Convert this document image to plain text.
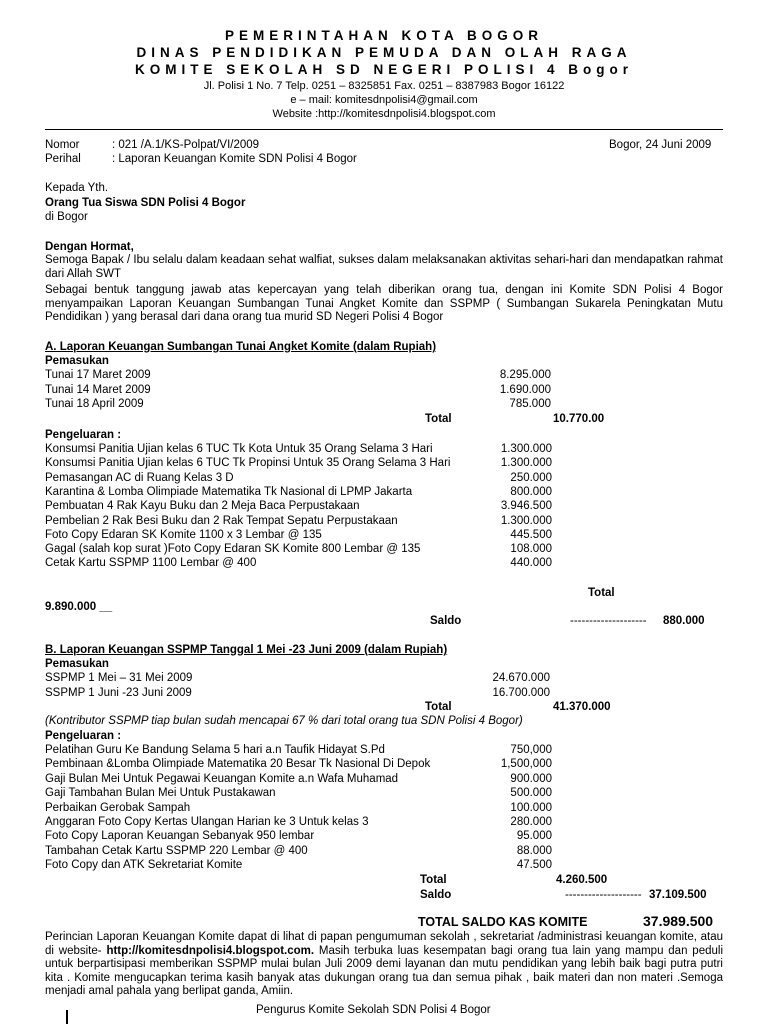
PEMERINTAHAN KOTA BOGOR
DINAS PENDIDIKAN PEMUDA DAN OLAH RAGA
KOMITE SEKOLAH SD NEGERI POLISI 4 Bogor
Jl. Polisi 1 No. 7 Telp. 0251 – 8325851 Fax. 0251 – 8387983 Bogor 16122
e – mail: komitesdnpolisi4@gmail.com
Website :http://komitesdnpolisi4.blogspot.com
Nomor	: 021 /A.1/KS-Polpat/VI/2009	Bogor, 24 Juni 2009
Perihal	: Laporan Keuangan Komite SDN Polisi 4 Bogor
Kepada Yth.
Orang Tua Siswa SDN Polisi 4 Bogor
di Bogor
Dengan Hormat,
Semoga Bapak / Ibu selalu dalam keadaan sehat walfiat, sukses dalam melaksanakan aktivitas sehari-hari dan mendapatkan rahmat dari Allah SWT
Sebagai bentuk tanggung jawab atas kepercayan yang telah diberikan orang tua, dengan ini Komite SDN Polisi 4 Bogor menyampaikan Laporan Keuangan Sumbangan Tunai Angket Komite dan SSPMP ( Sumbangan Sukarela Peningkatan Mutu Pendidikan ) yang berasal dari dana orang tua murid SD Negeri Polisi 4 Bogor
A. Laporan Keuangan Sumbangan Tunai Angket Komite (dalam Rupiah)
Pemasukan
Tunai 17 Maret 2009	8.295.000
Tunai 14 Maret 2009	1.690.000
Tunai 18 April 2009	785.000
Total	10.770.00
Pengeluaran :
Konsumsi Panitia Ujian kelas 6 TUC Tk Kota Untuk 35 Orang Selama 3 Hari	1.300.000
Konsumsi Panitia Ujian kelas 6 TUC Tk Propinsi Untuk 35 Orang Selama 3 Hari	1.300.000
Pemasangan AC di Ruang Kelas 3 D	250.000
Karantina & Lomba Olimpiade Matematika Tk Nasional di LPMP Jakarta	800.000
Pembuatan 4 Rak Kayu Buku dan 2 Meja Baca Perpustakaan	3.946.500
Pembelian 2 Rak Besi Buku dan 2 Rak Tempat Sepatu Perpustakaan	1.300.000
Foto Copy Edaran SK Komite 1100 x 3 Lembar @ 135	445.500
Gagal (salah kop surat )Foto Copy Edaran SK Komite 800 Lembar @ 135	108.000
Cetak Kartu SSPMP 1100 Lembar @ 400	440.000
Total
9.890.000 __
Saldo	-------------------- 880.000
B. Laporan Keuangan SSPMP Tanggal 1 Mei -23 Juni 2009 (dalam Rupiah)
Pemasukan
SSPMP 1 Mei – 31 Mei 2009	24.670.000
SSPMP 1 Juni -23 Juni 2009	16.700.000
Total	41.370.000
(Kontributor SSPMP tiap bulan sudah mencapai 67 % dari total orang tua SDN Polisi 4 Bogor)
Pengeluaran :
Pelatihan Guru Ke Bandung Selama 5 hari a.n Taufik Hidayat S.Pd	750,000
Pembinaan &Lomba Olimpiade Matematika 20 Besar Tk Nasional Di Depok	1,500,000
Gaji Bulan Mei Untuk Pegawai Keuangan Komite a.n Wafa Muhamad	900.000
Gaji Tambahan Bulan Mei Untuk Pustakawan	500.000
Perbaikan Gerobak Sampah	100.000
Anggaran Foto Copy Kertas Ulangan Harian ke 3 Untuk kelas 3	280.000
Foto Copy Laporan Keuangan Sebanyak 950 lembar	95.000
Tambahan Cetak Kartu SSPMP 220 Lembar @ 400	88.000
Foto Copy dan ATK Sekretariat Komite	47.500
Total	4.260.500
Saldo	-------------------- 37.109.500
TOTAL SALDO KAS KOMITE	37.989.500
Perincian Laporan Keuangan Komite dapat di lihat di papan pengumuman sekolah , sekretariat /administrasi keuangan komite, atau di website- http://komitesdnpolisi4.blogspot.com. Masih terbuka luas kesempatan bagi orang tua lain yang mampu dan peduli untuk berpartisipasi memberikan SSPMP mulai bulan Juli 2009 demi layanan dan mutu pendidikan yang lebih baik bagi putra putri kita . Komite mengucapkan terima kasih banyak atas dukungan orang tua dan semua pihak , baik materi dan non materi .Semoga menjadi amal pahala yang berlipat ganda, Amiin.
Pengurus Komite Sekolah SDN Polisi 4 Bogor
